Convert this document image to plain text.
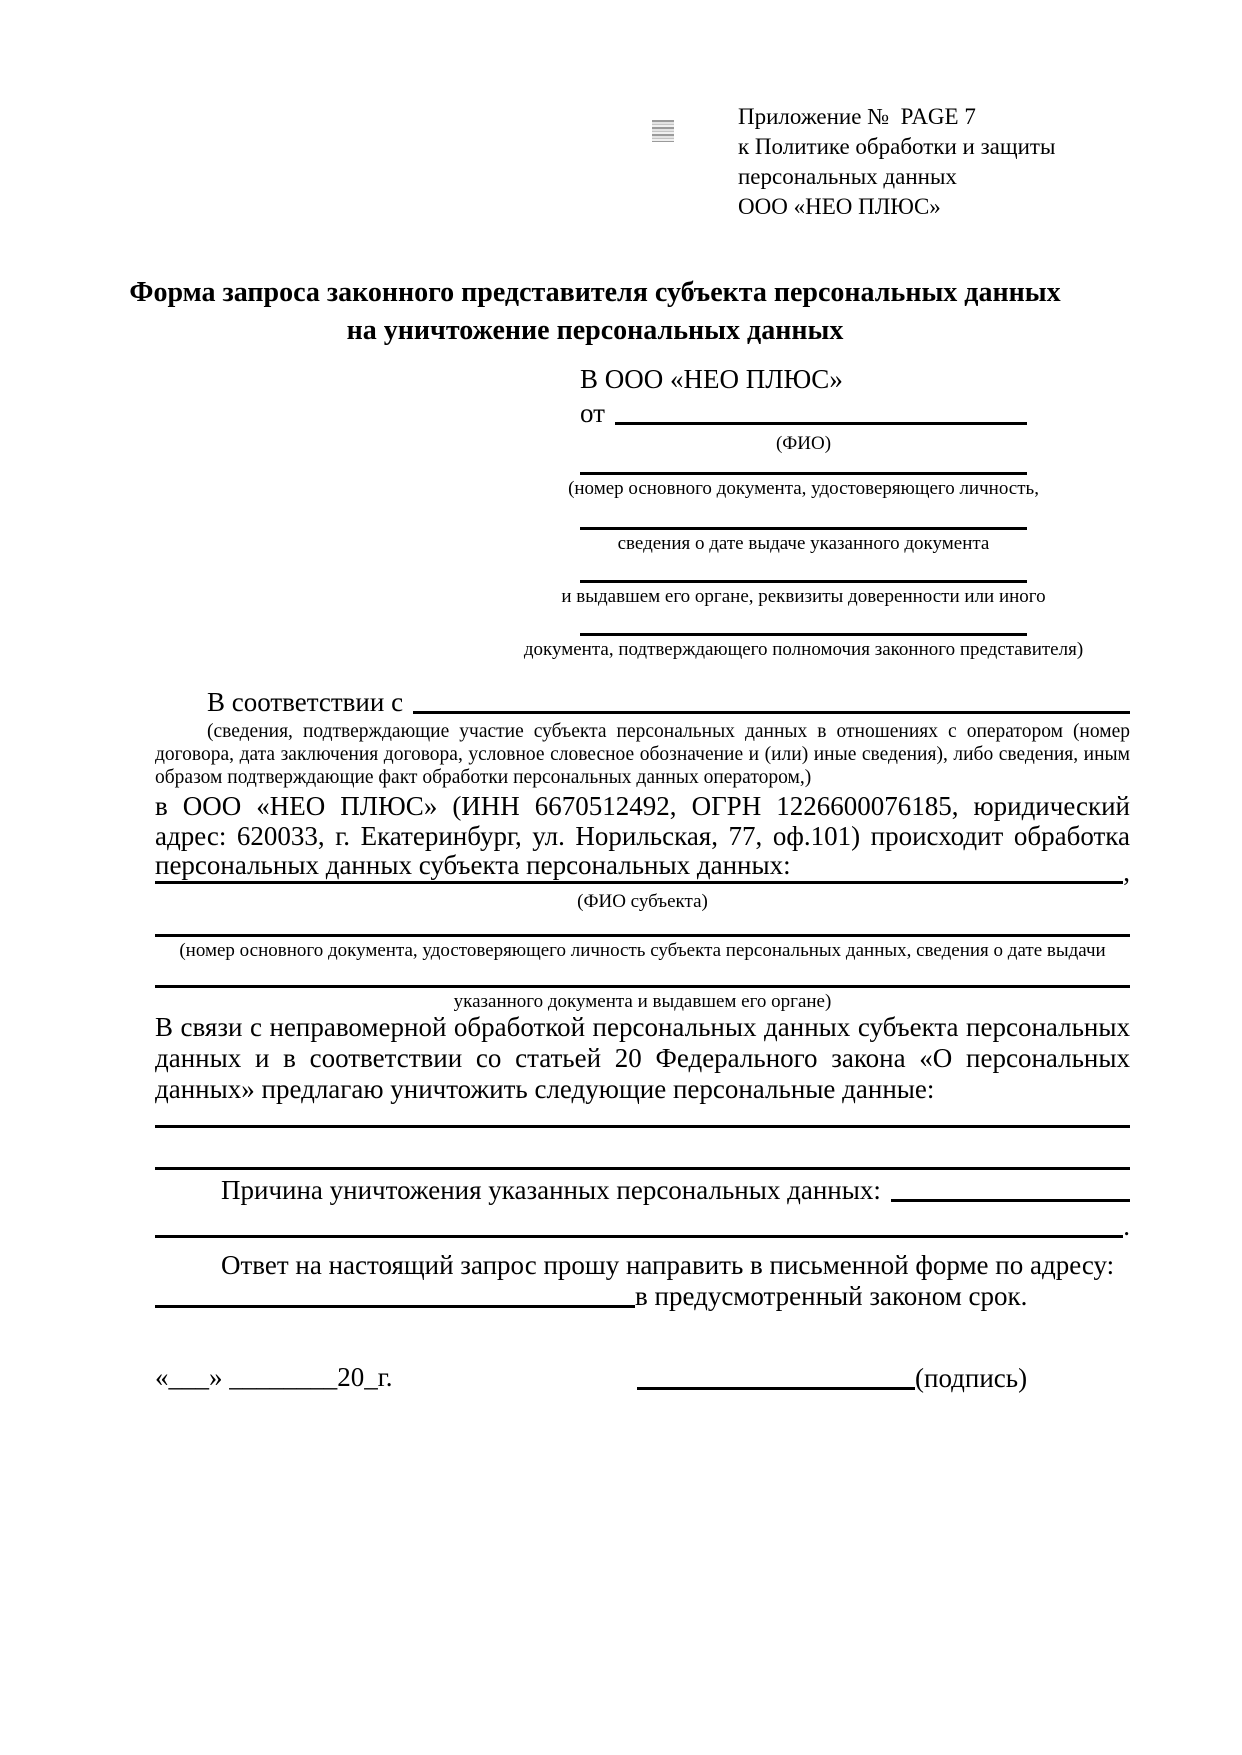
Приложение №  PAGE 7
к Политике обработки и защиты
персональных данных
ООО «НЕО ПЛЮС»
Форма запроса законного представителя субъекта персональных данных
на уничтожение персональных данных
В ООО «НЕО ПЛЮС»
от
(ФИО)
(номер основного документа, удостоверяющего личность,
сведения о дате выдаче указанного документа
и выдавшем его органе, реквизиты доверенности или иного
документа, подтверждающего полномочия законного представителя)
В соответствии с
(сведения, подтверждающие участие субъекта персональных данных в отношениях с оператором (номер договора, дата заключения договора, условное словесное обозначение и (или) иные сведения), либо сведения, иным образом подтверждающие факт обработки персональных данных оператором,)
в ООО «НЕО ПЛЮС» (ИНН 6670512492, ОГРН 1226600076185, юридический адрес: 620033, г. Екатеринбург, ул. Норильская, 77, оф.101) происходит обработка персональных данных субъекта персональных данных:	,
(ФИО субъекта)
(номер основного документа, удостоверяющего личность субъекта персональных данных, сведения о дате выдачи
указанного документа и выдавшем его органе)
В связи с неправомерной обработкой персональных данных субъекта персональных данных и в соответствии со статьей 20 Федерального закона «О персональных данных» предлагаю уничтожить следующие персональные данные:
Причина уничтожения указанных персональных данных:
.
Ответ на настоящий запрос прошу направить в письменной форме по адресу:
в предусмотренный законом срок.
«___» ________20_г.	(подпись)
